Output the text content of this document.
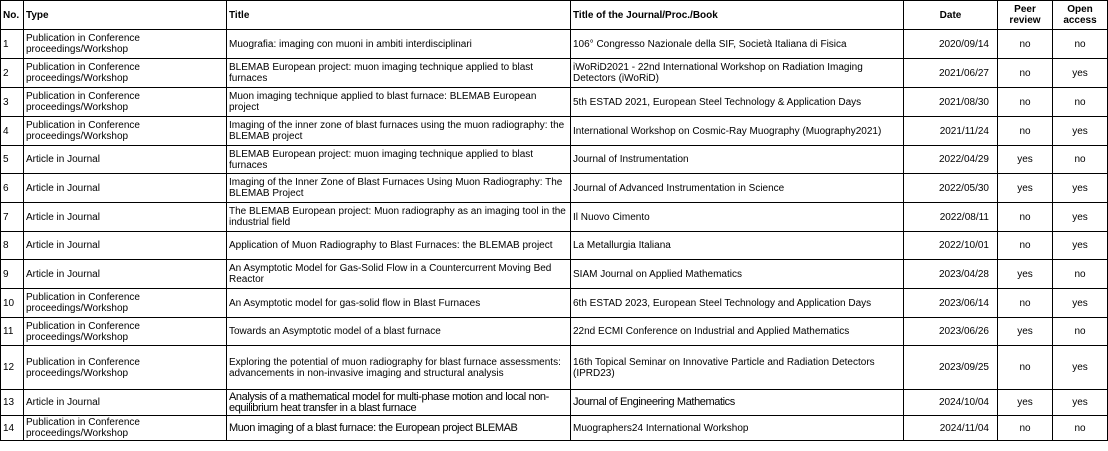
No.	Type	Title	Title of the Journal/Proc./Book	Date	Peer review	Open access
1	Publication in Conference proceedings/Workshop	Muografia: imaging con muoni in ambiti interdisciplinari	106° Congresso Nazionale della SIF, Società Italiana di Fisica	2020/09/14	no	no
2	Publication in Conference proceedings/Workshop	BLEMAB European project: muon imaging technique applied to blast furnaces	iWoRiD2021 - 22nd International Workshop on Radiation Imaging Detectors (iWoRiD)	2021/06/27	no	yes
3	Publication in Conference proceedings/Workshop	Muon imaging technique applied to blast furnace: BLEMAB European project	5th ESTAD 2021, European Steel Technology & Application Days	2021/08/30	no	no
4	Publication in Conference proceedings/Workshop	Imaging of the inner zone of blast furnaces using the muon radiography: the BLEMAB project	International Workshop on Cosmic-Ray Muography (Muography2021)	2021/11/24	no	yes
5	Article in Journal	BLEMAB European project: muon imaging technique applied to blast furnaces	Journal of Instrumentation	2022/04/29	yes	no
6	Article in Journal	Imaging of the Inner Zone of Blast Furnaces Using Muon Radiography: The BLEMAB Project	Journal of Advanced Instrumentation in Science	2022/05/30	yes	yes
7	Article in Journal	The BLEMAB European project: Muon radiography as an imaging tool in the industrial field	Il Nuovo Cimento	2022/08/11	no	yes
8	Article in Journal	Application of Muon Radiography to Blast Furnaces: the BLEMAB project	La Metallurgia Italiana	2022/10/01	no	yes
9	Article in Journal	An Asymptotic Model for Gas-Solid Flow in a Countercurrent Moving Bed Reactor	SIAM Journal on Applied Mathematics	2023/04/28	yes	no
10	Publication in Conference proceedings/Workshop	An Asymptotic model for gas-solid flow in Blast Furnaces	6th ESTAD 2023, European Steel Technology and Application Days	2023/06/14	no	yes
11	Publication in Conference proceedings/Workshop	Towards an Asymptotic model of a blast furnace	22nd ECMI Conference on Industrial and Applied Mathematics	2023/06/26	yes	no
12	Publication in Conference proceedings/Workshop	Exploring the potential of muon radiography for blast furnace assessments: advancements in non-invasive imaging and structural analysis	16th Topical Seminar on Innovative Particle and Radiation Detectors (IPRD23)	2023/09/25	no	yes
13	Article in Journal	Analysis of a mathematical model for multi-phase motion and local non-equilibrium heat transfer in a blast furnace	Journal of Engineering Mathematics	2024/10/04	yes	yes
14	Publication in Conference proceedings/Workshop	Muon imaging of a blast furnace: the European project BLEMAB	Muographers24 International Workshop	2024/11/04	no	no
